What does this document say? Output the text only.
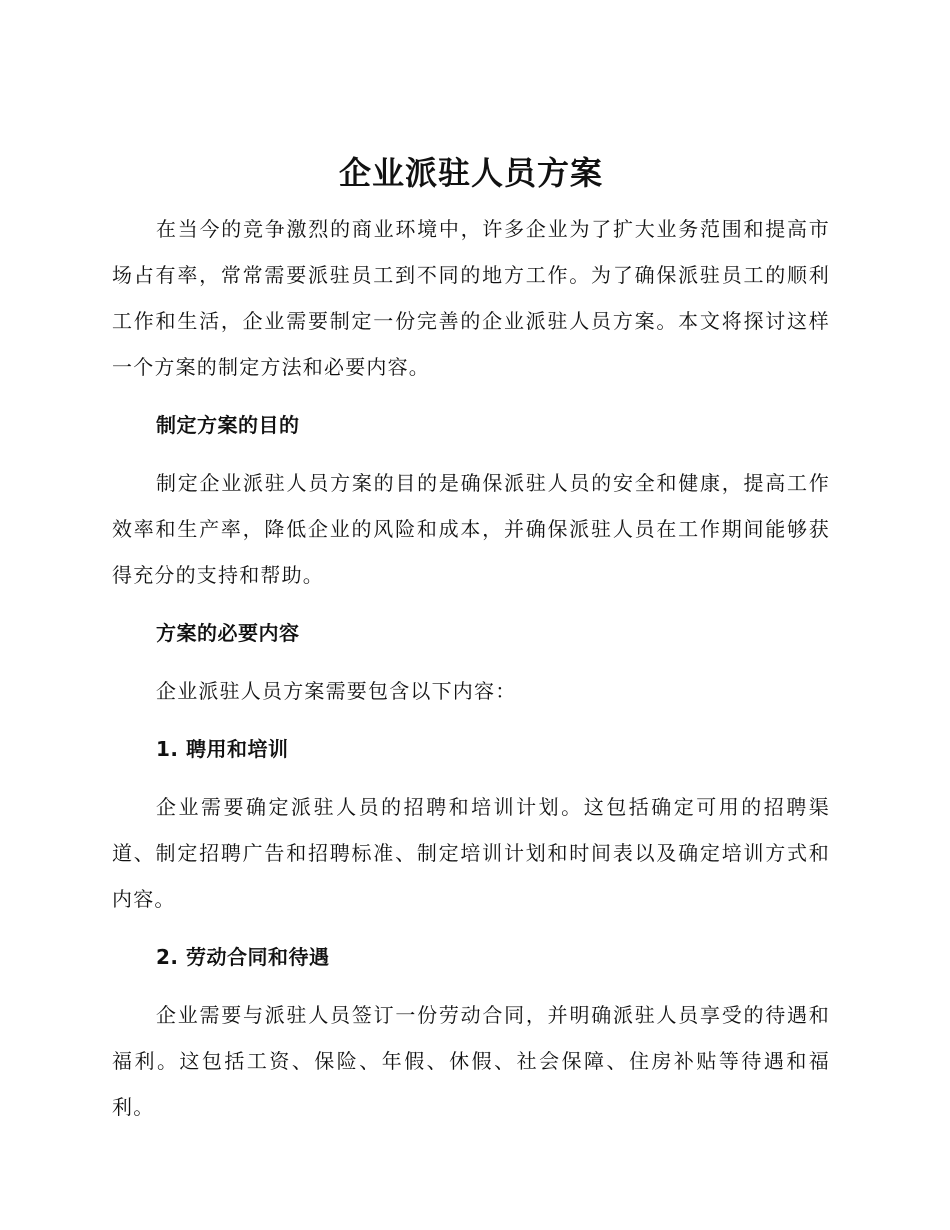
企业派驻人员方案

在当今的竞争激烈的商业环境中，许多企业为了扩大业务范围和提高市场占有率，常常需要派驻员工到不同的地方工作。为了确保派驻员工的顺利工作和生活，企业需要制定一份完善的企业派驻人员方案。本文将探讨这样一个方案的制定方法和必要内容。

制定方案的目的

制定企业派驻人员方案的目的是确保派驻人员的安全和健康，提高工作效率和生产率，降低企业的风险和成本，并确保派驻人员在工作期间能够获得充分的支持和帮助。

方案的必要内容

企业派驻人员方案需要包含以下内容：

1. 聘用和培训

企业需要确定派驻人员的招聘和培训计划。这包括确定可用的招聘渠道、制定招聘广告和招聘标准、制定培训计划和时间表以及确定培训方式和内容。

2. 劳动合同和待遇

企业需要与派驻人员签订一份劳动合同，并明确派驻人员享受的待遇和福利。这包括工资、保险、年假、休假、社会保障、住房补贴等待遇和福利。
